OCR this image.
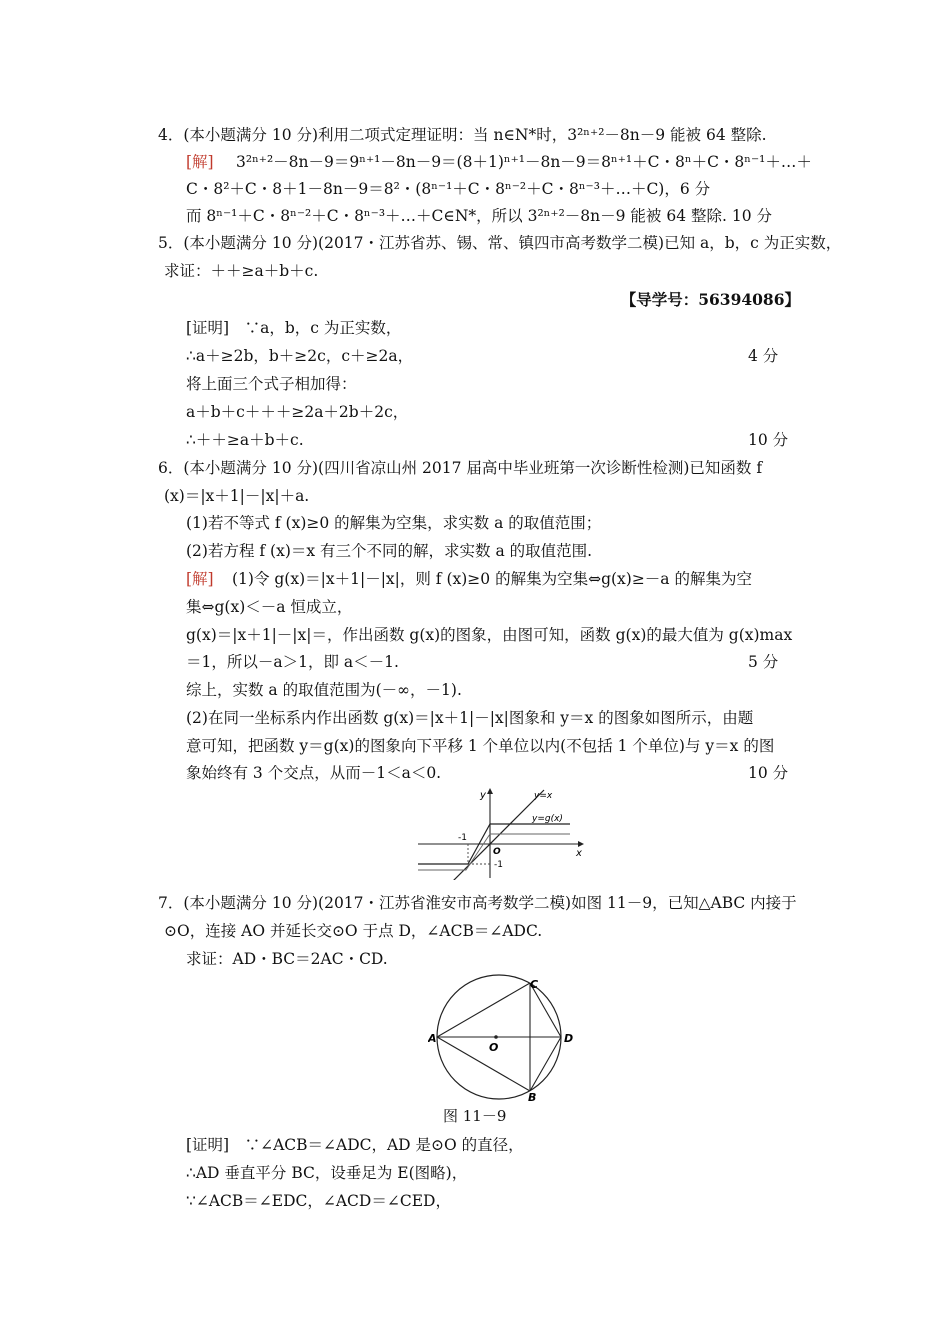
4．(本小题满分 10 分)利用二项式定理证明：当 n∈N*时，3²ⁿ⁺²－8n－9 能被 64 整除.
[解] 3²ⁿ⁺²－8n－9＝9ⁿ⁺¹－8n－9＝(8＋1)ⁿ⁺¹－8n－9＝8ⁿ⁺¹＋C・8ⁿ＋C・8ⁿ⁻¹＋…＋
C・8²＋C・8＋1－8n－9＝8²・(8ⁿ⁻¹＋C・8ⁿ⁻²＋C・8ⁿ⁻³＋…＋C)，6 分
而 8ⁿ⁻¹＋C・8ⁿ⁻²＋C・8ⁿ⁻³＋…＋C∈N*，所以 3²ⁿ⁺²－8n－9 能被 64 整除. 10 分
5．(本小题满分 10 分)(2017・江苏省苏、锡、常、镇四市高考数学二模)已知 a，b，c 为正实数，
求证：＋＋≥a＋b＋c.
【导学号：56394086】
[证明]　∵a，b，c 为正实数，
∴a＋≥2b，b＋≥2c，c＋≥2a，	4 分
将上面三个式子相加得：
a＋b＋c＋＋＋≥2a＋2b＋2c，
∴＋＋≥a＋b＋c.	10 分
6．(本小题满分 10 分)(四川省凉山州 2017 届高中毕业班第一次诊断性检测)已知函数 f
(x)＝|x＋1|－|x|＋a.
(1)若不等式 f (x)≥0 的解集为空集，求实数 a 的取值范围；
(2)若方程 f (x)＝x 有三个不同的解，求实数 a 的取值范围.
[解] (1)令 g(x)＝|x＋1|－|x|，则 f (x)≥0 的解集为空集⇔g(x)≥－a 的解集为空
集⇔g(x)＜－a 恒成立，
g(x)＝|x＋1|－|x|＝，作出函数 g(x)的图象，由图可知，函数 g(x)的最大值为 g(x)max
＝1，所以－a＞1，即 a＜－1.	5 分
综上，实数 a 的取值范围为(－∞，－1).
(2)在同一坐标系内作出函数 g(x)＝|x＋1|－|x|图象和 y＝x 的图象如图所示，由题
意可知，把函数 y＝g(x)的图象向下平移 1 个单位以内(不包括 1 个单位)与 y＝x 的图
象始终有 3 个交点，从而－1＜a＜0.	10 分
y
x
y=x
y=g(x)
-1
O
-1
7．(本小题满分 10 分)(2017・江苏省淮安市高考数学二模)如图 11－9，已知△ABC 内接于
⊙O，连接 AO 并延长交⊙O 于点 D，∠ACB＝∠ADC.
求证：AD・BC＝2AC・CD.
A	D
C
B
O
图 11－9
[证明]　∵∠ACB＝∠ADC，AD 是⊙O 的直径，
∴AD 垂直平分 BC，设垂足为 E(图略)，
∵∠ACB＝∠EDC，∠ACD＝∠CED，
